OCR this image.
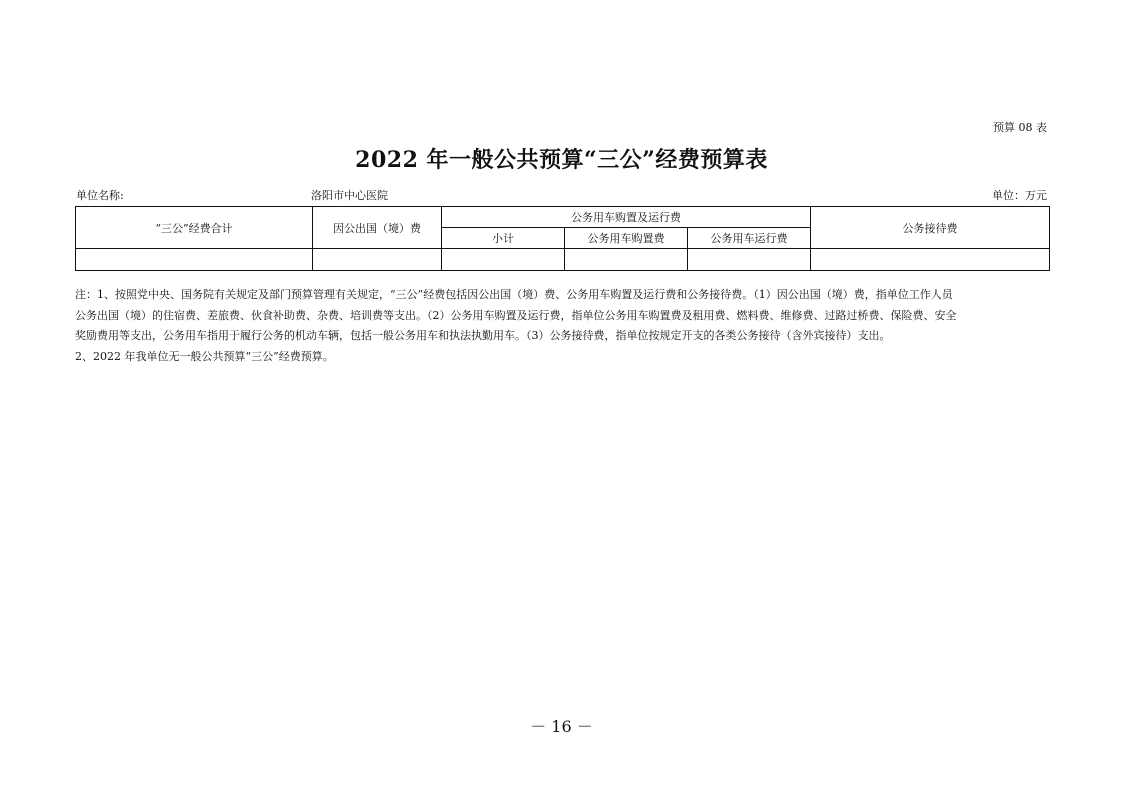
预算 08 表
2022 年一般公共预算“三公”经费预算表
单位名称:	洛阳市中心医院	单位：万元
“三公”经费合计	因公出国（境）费	公务用车购置及运行费			公务接待费
		小计	公务用车购置费	公务用车运行费	

注：1、按照党中央、国务院有关规定及部门预算管理有关规定，“三公”经费包括因公出国（境）费、公务用车购置及运行费和公务接待费。（1）因公出国（境）费，指单位工作人员

公务出国（境）的住宿费、差旅费、伙食补助费、杂费、培训费等支出。（2）公务用车购置及运行费，指单位公务用车购置费及租用费、燃料费、维修费、过路过桥费、保险费、安全

奖励费用等支出，公务用车指用于履行公务的机动车辆，包括一般公务用车和执法执勤用车。（3）公务接待费，指单位按规定开支的各类公务接待（含外宾接待）支出。

2、2022 年我单位无一般公共预算“三公”经费预算。

－ 16 －
